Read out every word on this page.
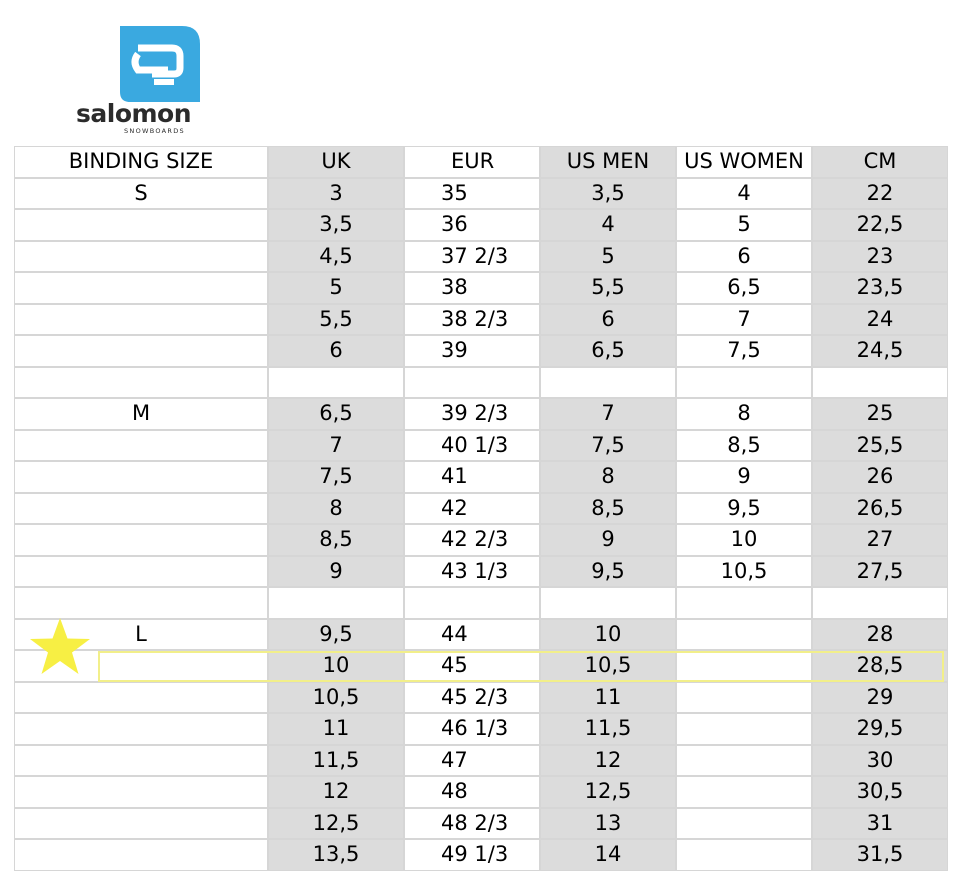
salomon
SNOWBOARDS
BINDING SIZE	UK	EUR	US MEN	US WOMEN	CM
S	3	35	3,5	4	22
	3,5	36	4	5	22,5
	4,5	37 2/3	5	6	23
	5	38	5,5	6,5	23,5
	5,5	38 2/3	6	7	24
	6	39	6,5	7,5	24,5

M	6,5	39 2/3	7	8	25
	7	40 1/3	7,5	8,5	25,5
	7,5	41	8	9	26
	8	42	8,5	9,5	26,5
	8,5	42 2/3	9	10	27
	9	43 1/3	9,5	10,5	27,5

L	9,5	44	10		28
	10	45	10,5		28,5
	10,5	45 2/3	11		29
	11	46 1/3	11,5		29,5
	11,5	47	12		30
	12	48	12,5		30,5
	12,5	48 2/3	13		31
	13,5	49 1/3	14		31,5
